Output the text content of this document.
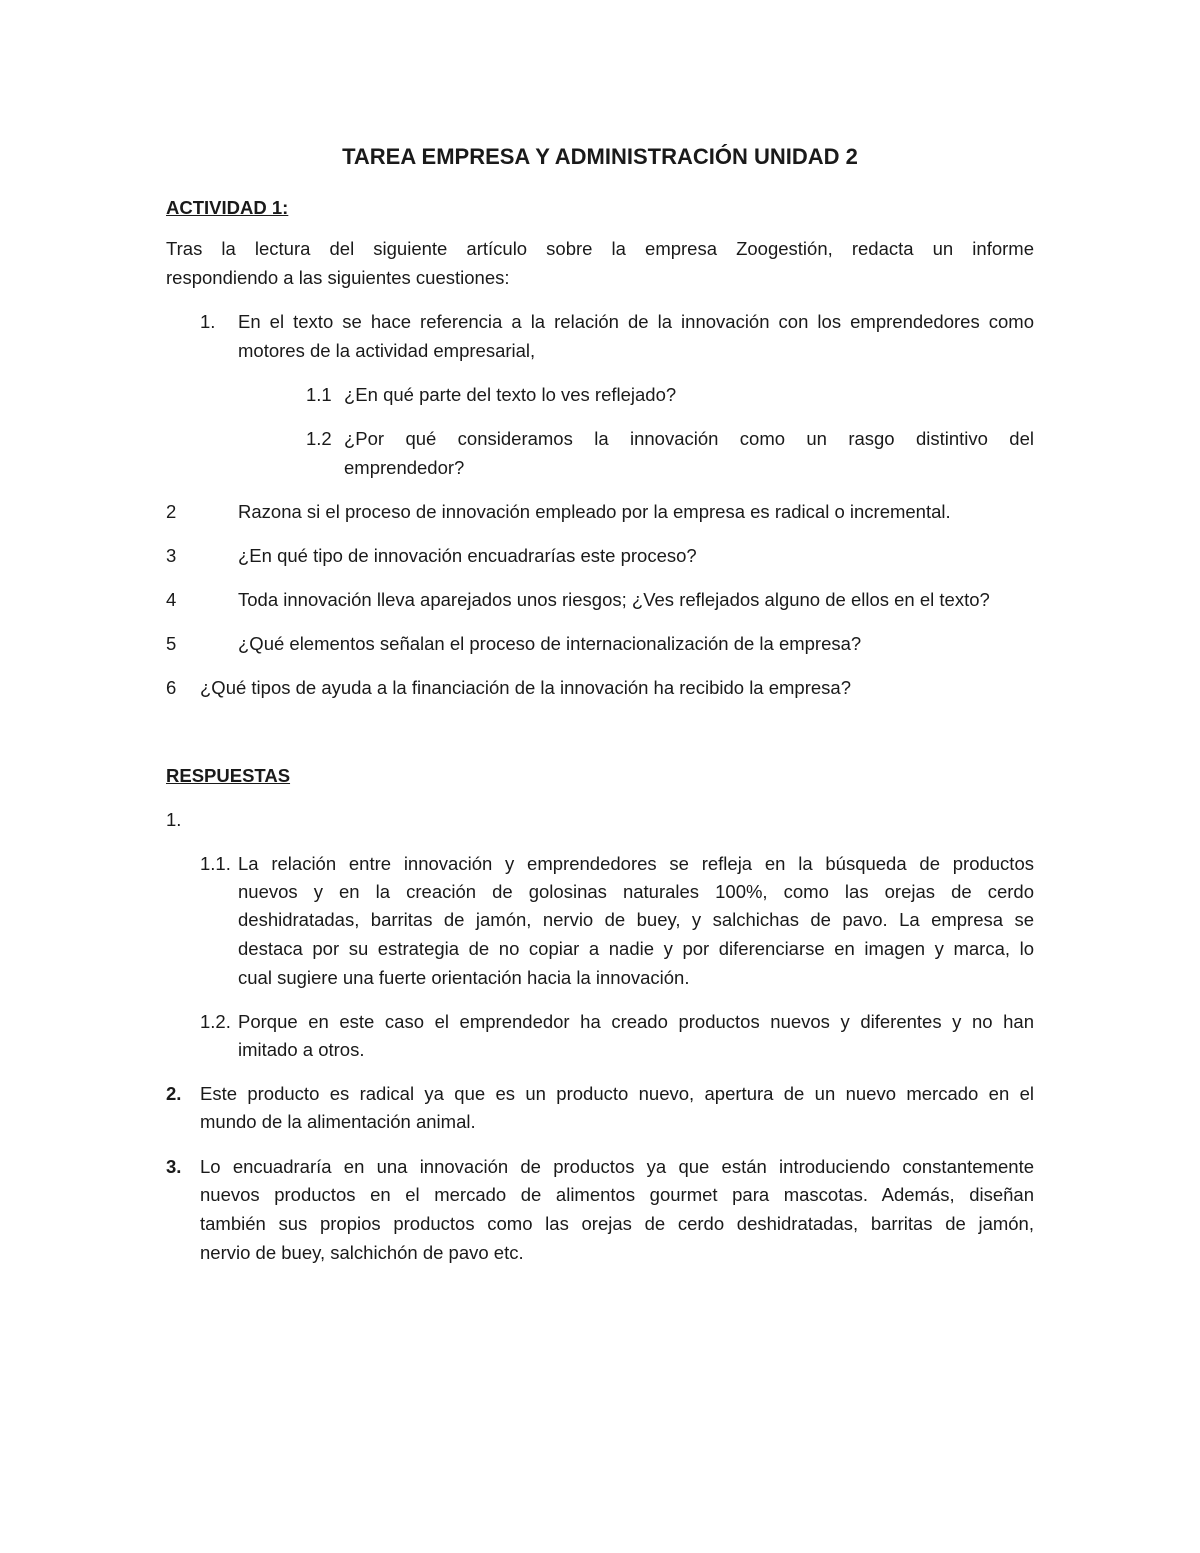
TAREA EMPRESA Y ADMINISTRACIÓN UNIDAD 2
ACTIVIDAD 1:
Tras la lectura del siguiente artículo sobre la empresa Zoogestión, redacta un informe
respondiendo a las siguientes cuestiones:
1. En el texto se hace referencia a la relación de la innovación con los emprendedores como
motores de la actividad empresarial,
1.1 ¿En qué parte del texto lo ves reflejado?
1.2 ¿Por qué consideramos la innovación como un rasgo distintivo del
emprendedor?
2	Razona si el proceso de innovación empleado por la empresa es radical o incremental.
3	¿En qué tipo de innovación encuadrarías este proceso?
4	Toda innovación lleva aparejados unos riesgos; ¿Ves reflejados alguno de ellos en el texto?
5	¿Qué elementos señalan el proceso de internacionalización de la empresa?
6 ¿Qué tipos de ayuda a la financiación de la innovación ha recibido la empresa?
RESPUESTAS
1.
1.1. La relación entre innovación y emprendedores se refleja en la búsqueda de productos
nuevos y en la creación de golosinas naturales 100%, como las orejas de cerdo
deshidratadas, barritas de jamón, nervio de buey, y salchichas de pavo. La empresa se
destaca por su estrategia de no copiar a nadie y por diferenciarse en imagen y marca, lo
cual sugiere una fuerte orientación hacia la innovación.
1.2. Porque en este caso el emprendedor ha creado productos nuevos y diferentes y no han
imitado a otros.
2. Este producto es radical ya que es un producto nuevo, apertura de un nuevo mercado en el
mundo de la alimentación animal.
3. Lo encuadraría en una innovación de productos ya que están introduciendo constantemente
nuevos productos en el mercado de alimentos gourmet para mascotas. Además, diseñan
también sus propios productos como las orejas de cerdo deshidratadas, barritas de jamón,
nervio de buey, salchichón de pavo etc.
